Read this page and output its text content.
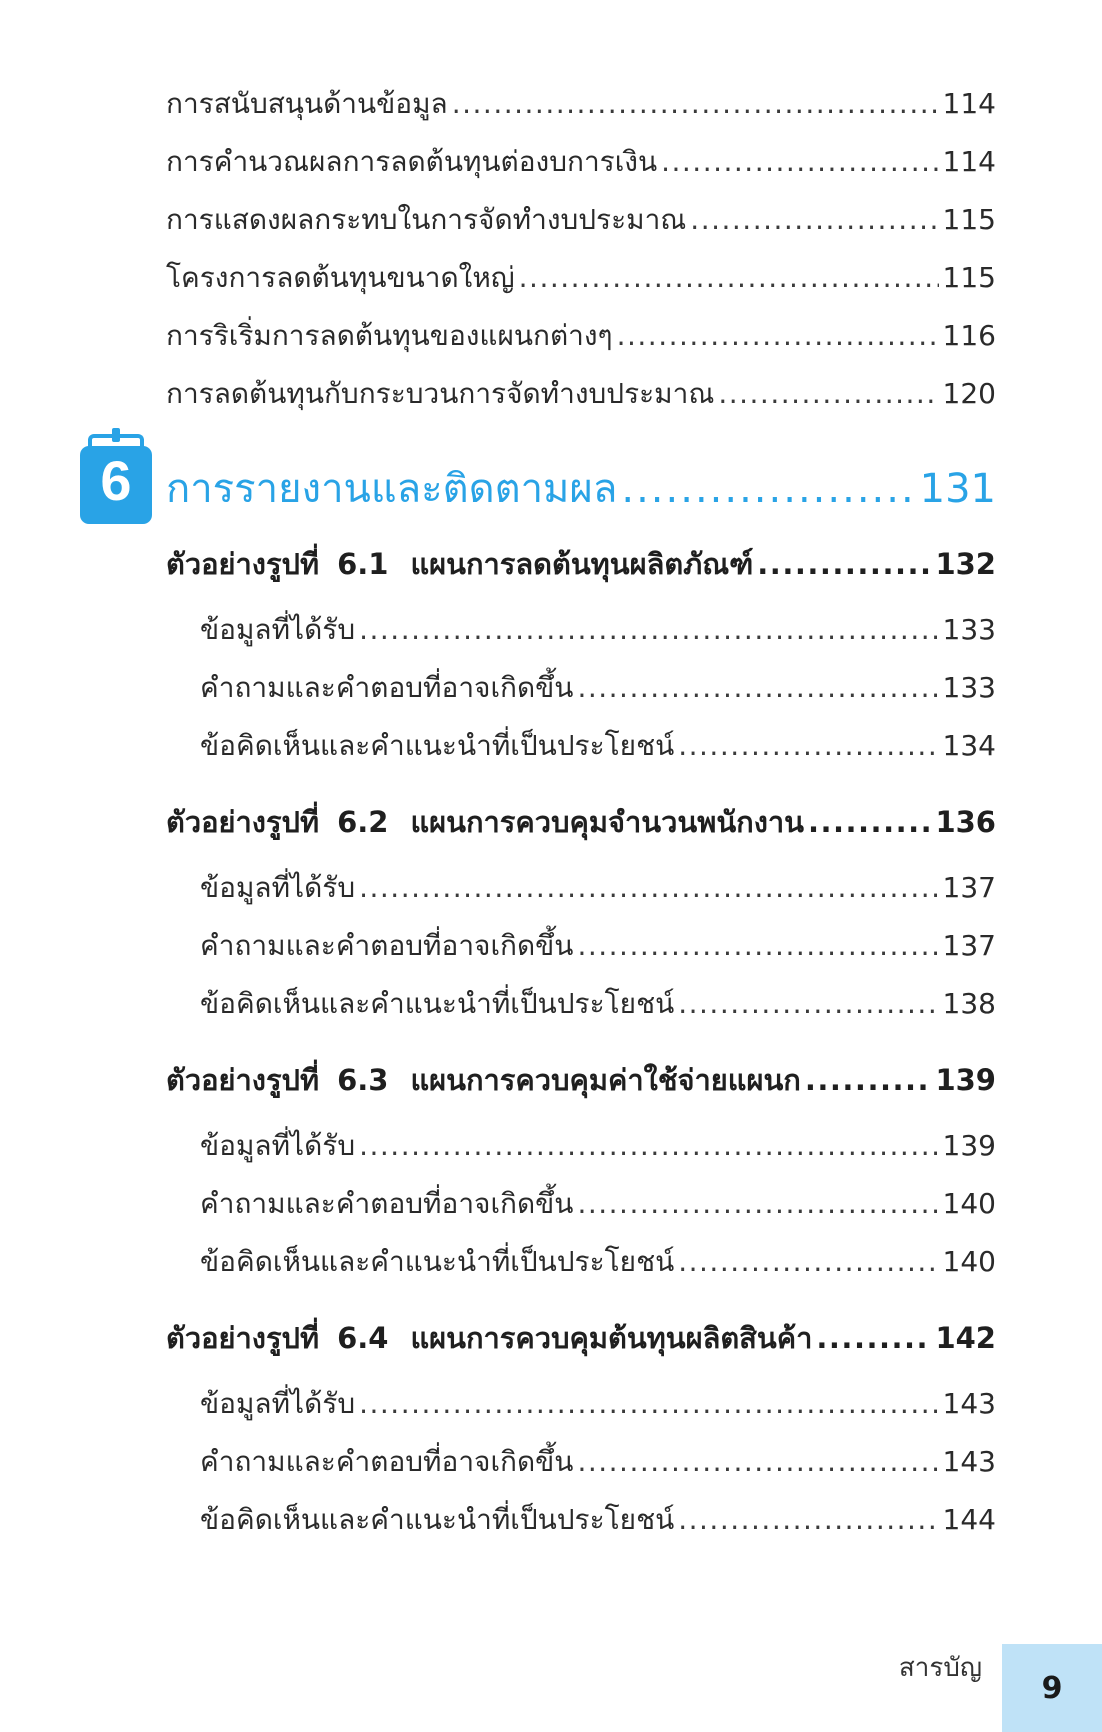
การสนับสนุนด้านข้อมูล .....	114
การคำนวณผลการลดต้นทุนต่องบการเงิน .....	114
การแสดงผลกระทบในการจัดทำงบประมาณ .....	115
โครงการลดต้นทุนขนาดใหญ่ .....	115
การริเริ่มการลดต้นทุนของแผนกต่างๆ .....	116
การลดต้นทุนกับกระบวนการจัดทำงบประมาณ .....	120
6 การรายงานและติดตามผล .....	131
ตัวอย่างรูปที่ 6.1 แผนการลดต้นทุนผลิตภัณฑ์ .....	132
ข้อมูลที่ได้รับ .....	133
คำถามและคำตอบที่อาจเกิดขึ้น .....	133
ข้อคิดเห็นและคำแนะนำที่เป็นประโยชน์ .....	134
ตัวอย่างรูปที่ 6.2 แผนการควบคุมจำนวนพนักงาน .....	136
ข้อมูลที่ได้รับ .....	137
คำถามและคำตอบที่อาจเกิดขึ้น .....	137
ข้อคิดเห็นและคำแนะนำที่เป็นประโยชน์ .....	138
ตัวอย่างรูปที่ 6.3 แผนการควบคุมค่าใช้จ่ายแผนก .....	139
ข้อมูลที่ได้รับ .....	139
คำถามและคำตอบที่อาจเกิดขึ้น .....	140
ข้อคิดเห็นและคำแนะนำที่เป็นประโยชน์ .....	140
ตัวอย่างรูปที่ 6.4 แผนการควบคุมต้นทุนผลิตสินค้า .....	142
ข้อมูลที่ได้รับ .....	143
คำถามและคำตอบที่อาจเกิดขึ้น .....	143
ข้อคิดเห็นและคำแนะนำที่เป็นประโยชน์ .....	144
สารบัญ
9
